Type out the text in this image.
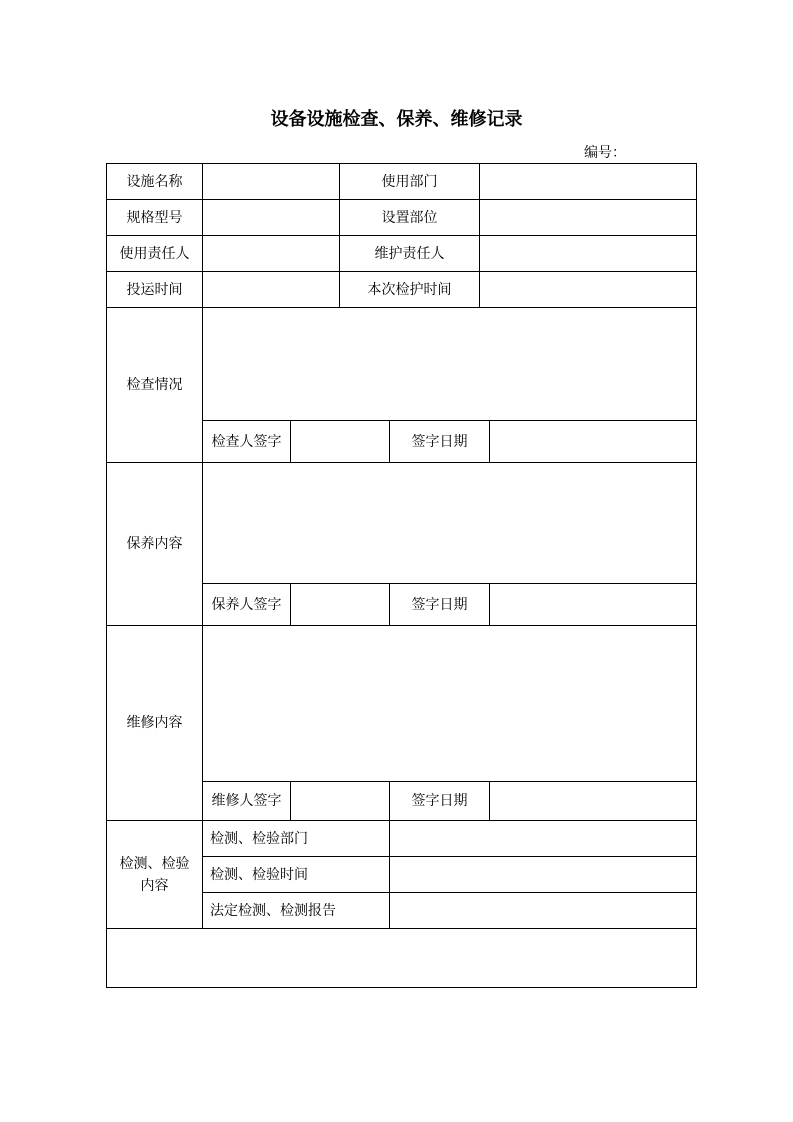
设备设施检查、保养、维修记录
编号：
设施名称	使用部门
规格型号	设置部位
使用责任人	维护责任人
投运时间	本次检护时间
检查情况
检查人签字	签字日期
保养内容
保养人签字	签字日期
维修内容
维修人签字	签字日期
检测、检验
内容
检测、检验部门
检测、检验时间
法定检测、检测报告
